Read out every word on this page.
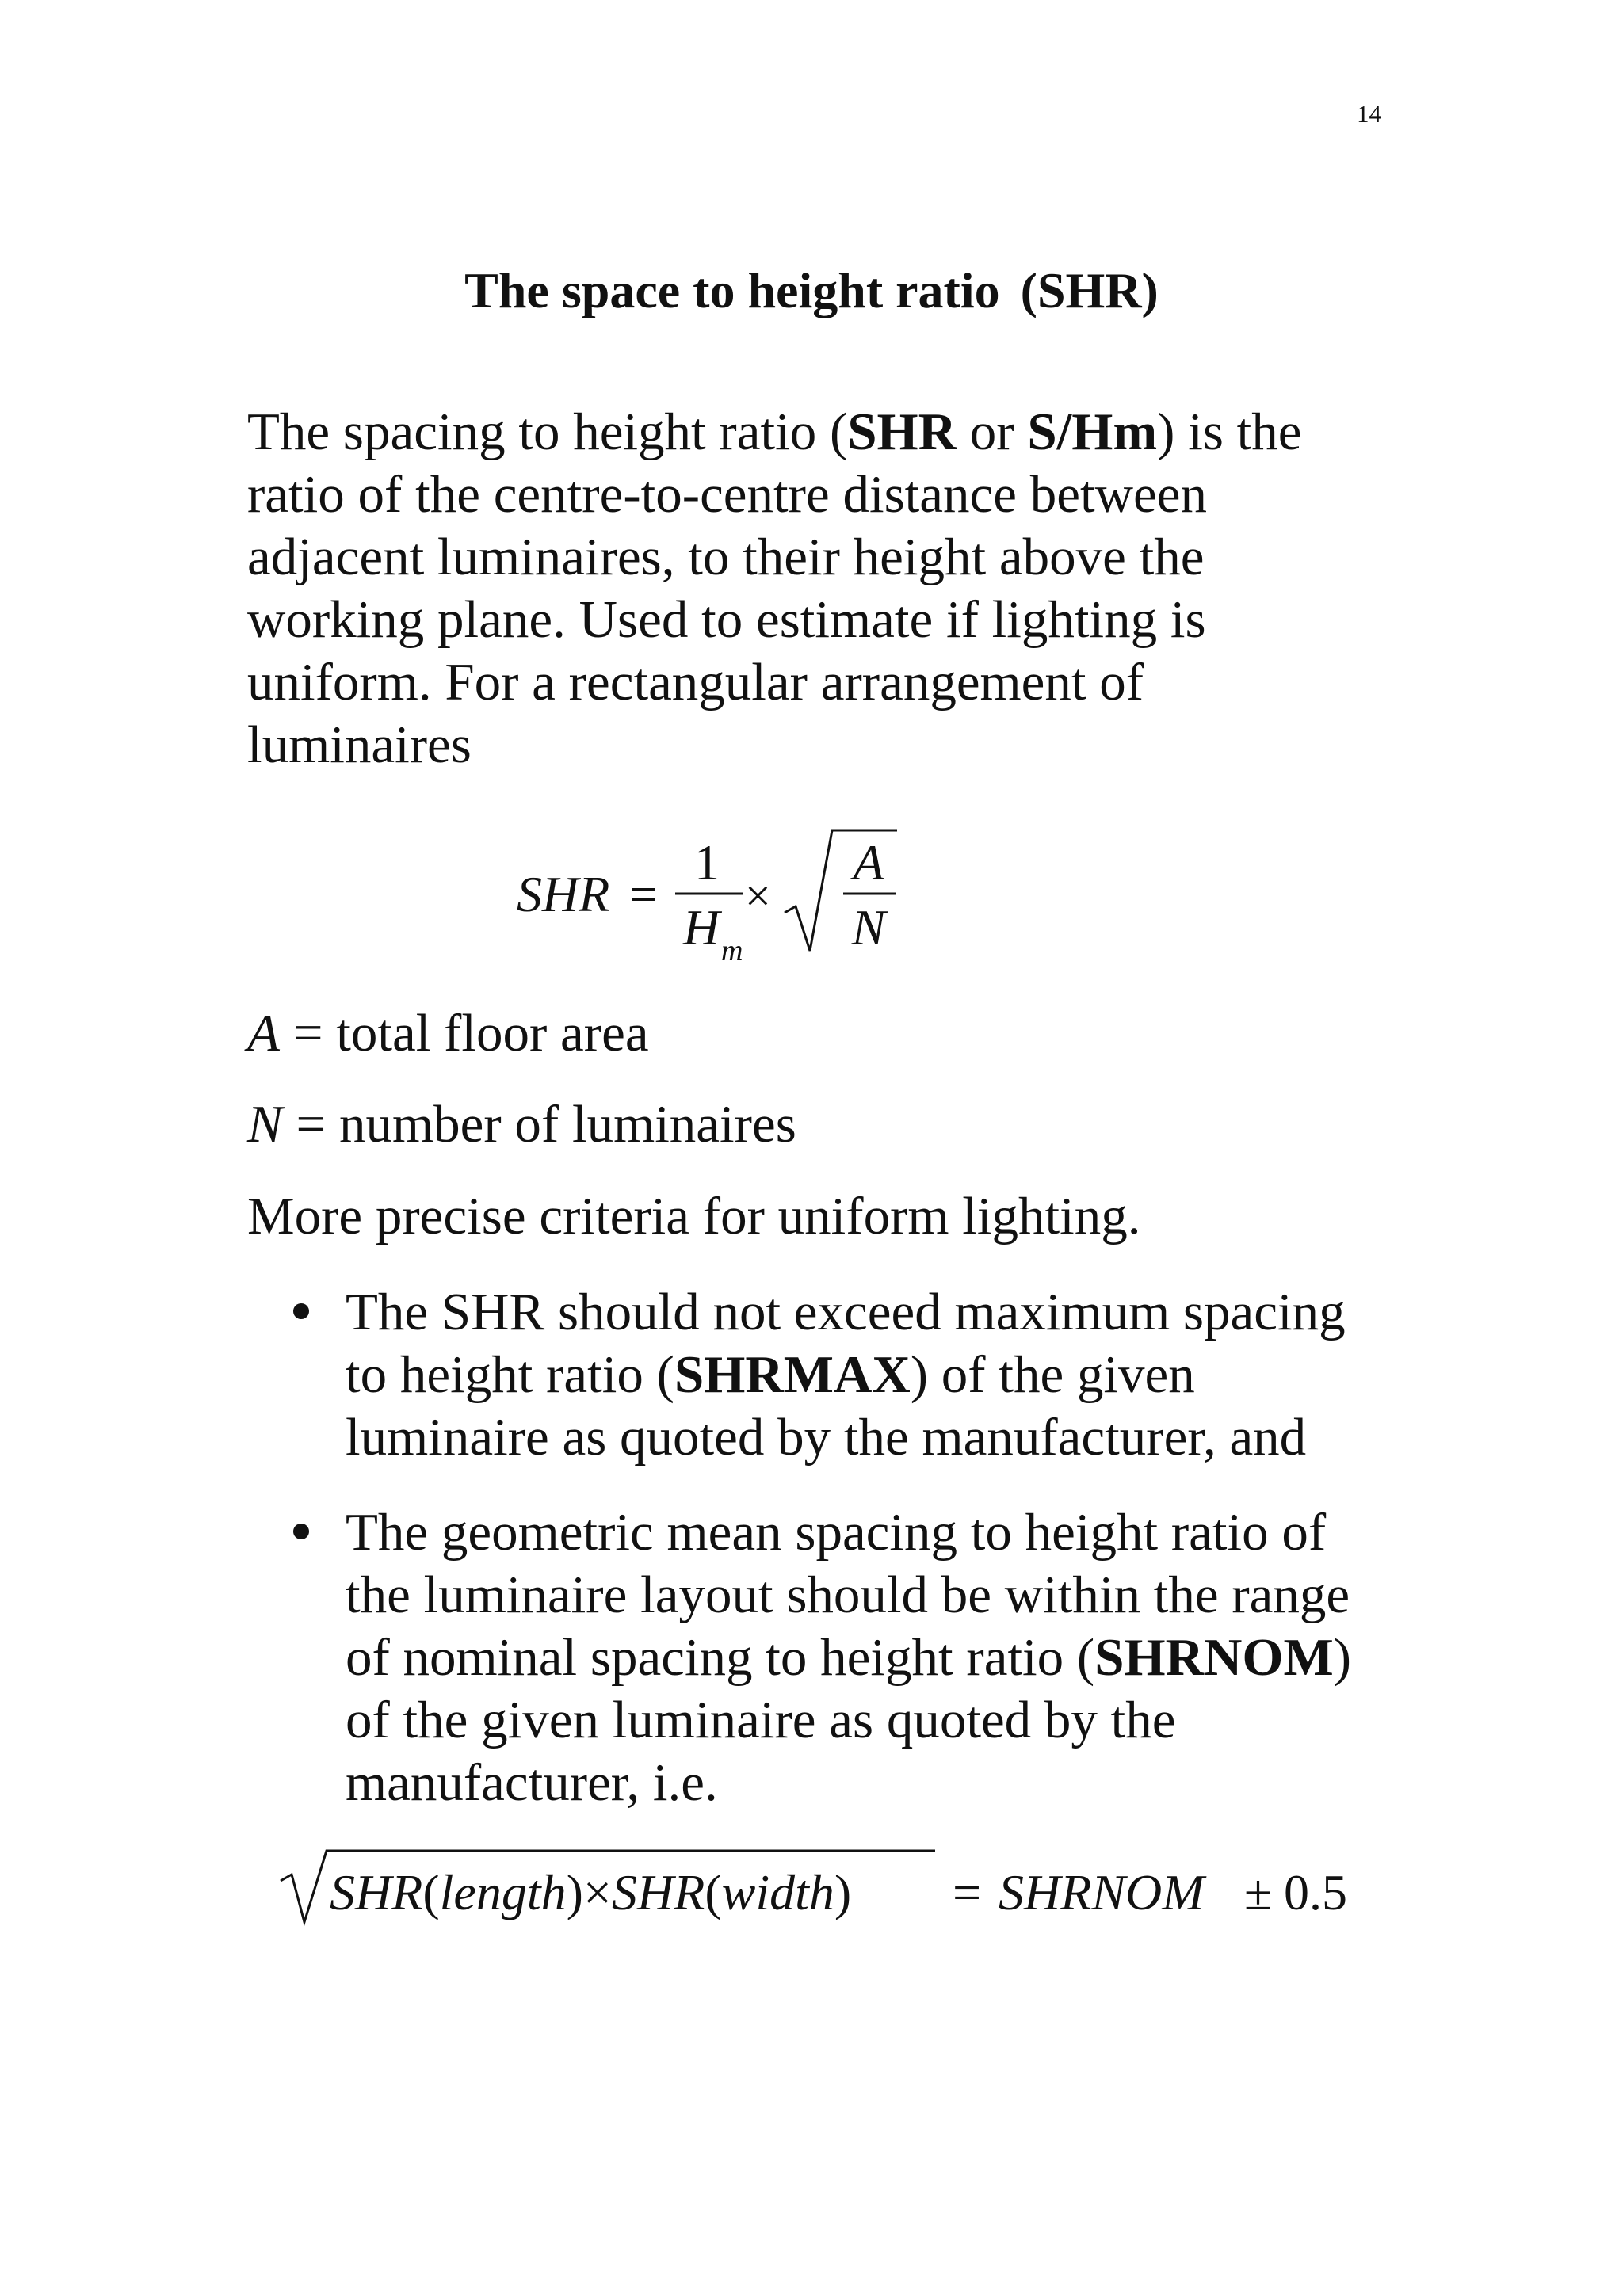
14
The space to height ratio (SHR)
The spacing to height ratio (SHR or S/Hm) is the
ratio of the centre-to-centre distance between
adjacent luminaires, to their height above the
working plane. Used to estimate if lighting is
uniform. For a rectangular arrangement of
luminaires
SHR =
1
H m
×
A
N
A = total floor area
N = number of luminaires
More precise criteria for uniform lighting.
The SHR should not exceed maximum spacing
to height ratio (SHRMAX) of the given
luminaire as quoted by the manufacturer, and
The geometric mean spacing to height ratio of
the luminaire layout should be within the range
of nominal spacing to height ratio (SHRNOM)
of the given luminaire as quoted by the
manufacturer, i.e.
SHR(length)×SHR(width) = SHRNOM ± 0.5
